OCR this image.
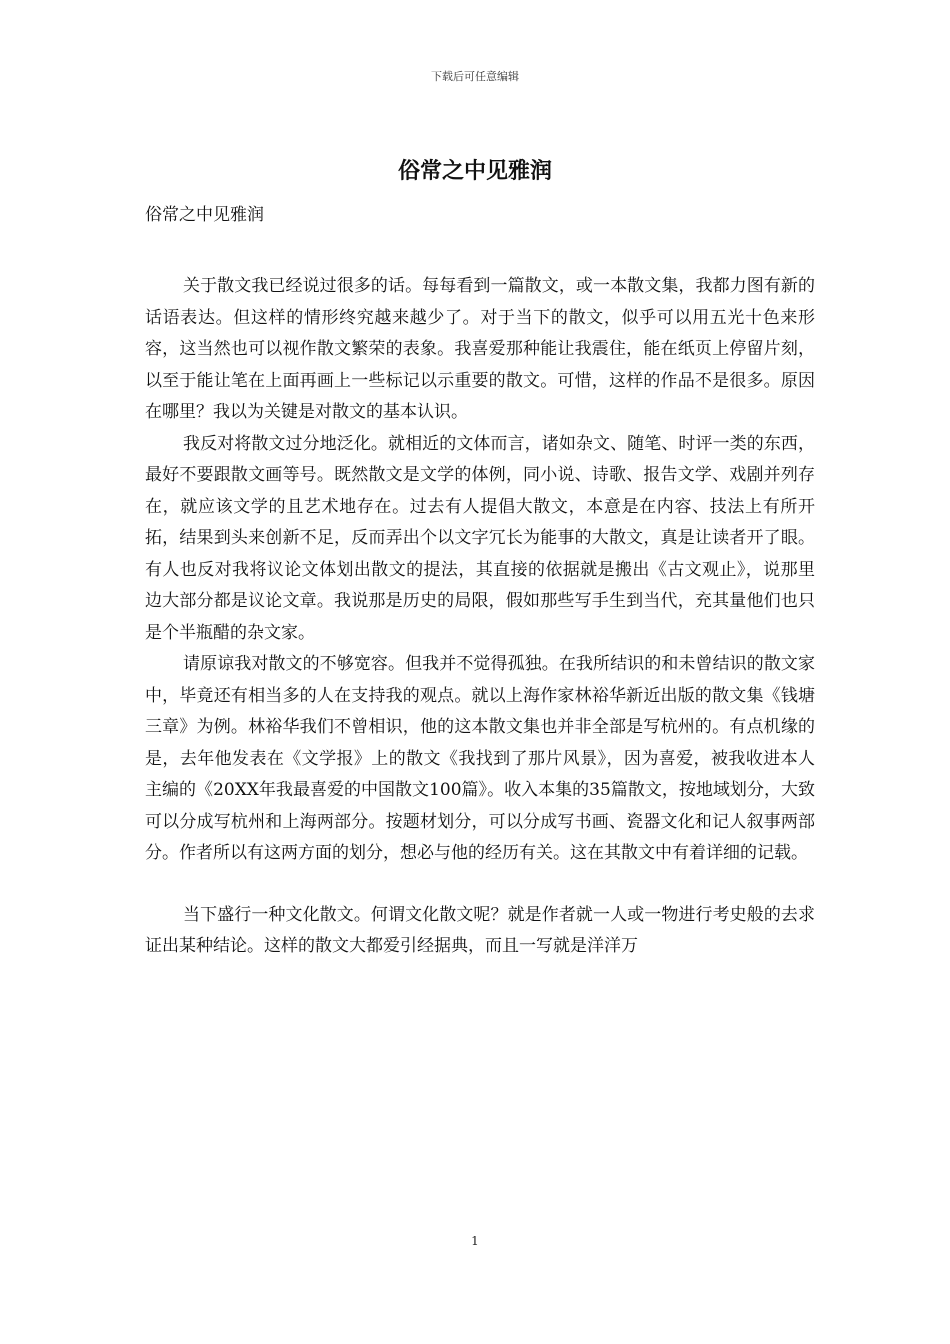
下载后可任意编辑
俗常之中见雅润
俗常之中见雅润

关于散文我已经说过很多的话。每每看到一篇散文，或一本散文集，我都力图有新的话语表达。但这样的情形终究越来越少了。对于当下的散文，似乎可以用五光十色来形容，这当然也可以视作散文繁荣的表象。我喜爱那种能让我震住，能在纸页上停留片刻，以至于能让笔在上面再画上一些标记以示重要的散文。可惜，这样的作品不是很多。原因在哪里？我以为关键是对散文的基本认识。

我反对将散文过分地泛化。就相近的文体而言，诸如杂文、随笔、时评一类的东西，最好不要跟散文画等号。既然散文是文学的体例，同小说、诗歌、报告文学、戏剧并列存在，就应该文学的且艺术地存在。过去有人提倡大散文，本意是在内容、技法上有所开拓，结果到头来创新不足，反而弄出个以文字冗长为能事的大散文，真是让读者开了眼。有人也反对我将议论文体划出散文的提法，其直接的依据就是搬出《古文观止》，说那里边大部分都是议论文章。我说那是历史的局限，假如那些写手生到当代，充其量他们也只是个半瓶醋的杂文家。

请原谅我对散文的不够宽容。但我并不觉得孤独。在我所结识的和未曾结识的散文家中，毕竟还有相当多的人在支持我的观点。就以上海作家林裕华新近出版的散文集《钱塘三章》为例。林裕华我们不曾相识，他的这本散文集也并非全部是写杭州的。有点机缘的是，去年他发表在《文学报》上的散文《我找到了那片风景》，因为喜爱，被我收进本人主编的《20XX年我最喜爱的中国散文100篇》。收入本集的35篇散文，按地域划分，大致可以分成写杭州和上海两部分。按题材划分，可以分成写书画、瓷器文化和记人叙事两部分。作者所以有这两方面的划分，想必与他的经历有关。这在其散文中有着详细的记载。

当下盛行一种文化散文。何谓文化散文呢？就是作者就一人或一物进行考史般的去求证出某种结论。这样的散文大都爱引经据典，而且一写就是洋洋万

1
